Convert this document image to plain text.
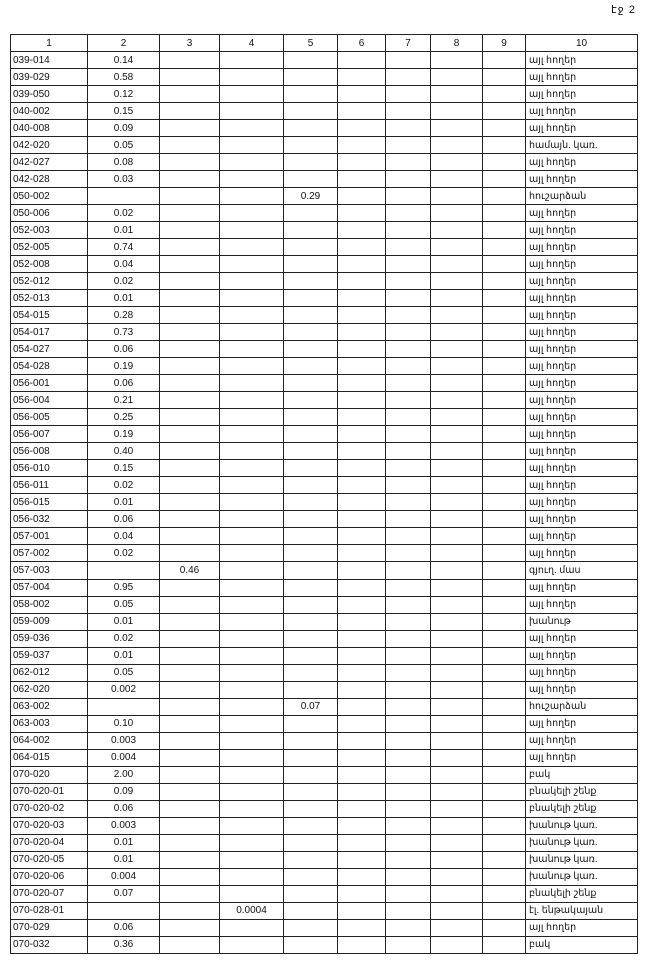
էջ 2
1	2	3	4	5	6	7	8	9	10
039-014	0.14								այլ հողեր
039-029	0.58								այլ հողեր
039-050	0.12								այլ հողեր
040-002	0.15								այլ հողեր
040-008	0.09								այլ հողեր
042-020	0.05								համայն. կառ.
042-027	0.08								այլ հողեր
042-028	0.03								այլ հողեր
050-002				0.29					հուշարձան
050-006	0.02								այլ հողեր
052-003	0.01								այլ հողեր
052-005	0.74								այլ հողեր
052-008	0.04								այլ հողեր
052-012	0.02								այլ հողեր
052-013	0.01								այլ հողեր
054-015	0.28								այլ հողեր
054-017	0.73								այլ հողեր
054-027	0.06								այլ հողեր
054-028	0.19								այլ հողեր
056-001	0.06								այլ հողեր
056-004	0.21								այլ հողեր
056-005	0.25								այլ հողեր
056-007	0.19								այլ հողեր
056-008	0.40								այլ հողեր
056-010	0.15								այլ հողեր
056-011	0.02								այլ հողեր
056-015	0.01								այլ հողեր
056-032	0.06								այլ հողեր
057-001	0.04								այլ հողեր
057-002	0.02								այլ հողեր
057-003		0.46							գյուղ. մաս
057-004	0.95								այլ հողեր
058-002	0.05								այլ հողեր
059-009	0.01								խանութ
059-036	0.02								այլ հողեր
059-037	0.01								այլ հողեր
062-012	0.05								այլ հողեր
062-020	0.002								այլ հողեր
063-002				0.07					հուշարձան
063-003	0.10								այլ հողեր
064-002	0.003								այլ հողեր
064-015	0.004								այլ հողեր
070-020	2.00								բակ
070-020-01	0.09								բնակելի շենք
070-020-02	0.06								բնակելի շենք
070-020-03	0.003								խանութ կառ.
070-020-04	0.01								խանութ կառ.
070-020-05	0.01								խանութ կառ.
070-020-06	0.004								խանութ կառ.
070-020-07	0.07								բնակելի շենք
070-028-01			0.0004						էլ. ենթակայան
070-029	0.06								այլ հողեր
070-032	0.36								բակ
